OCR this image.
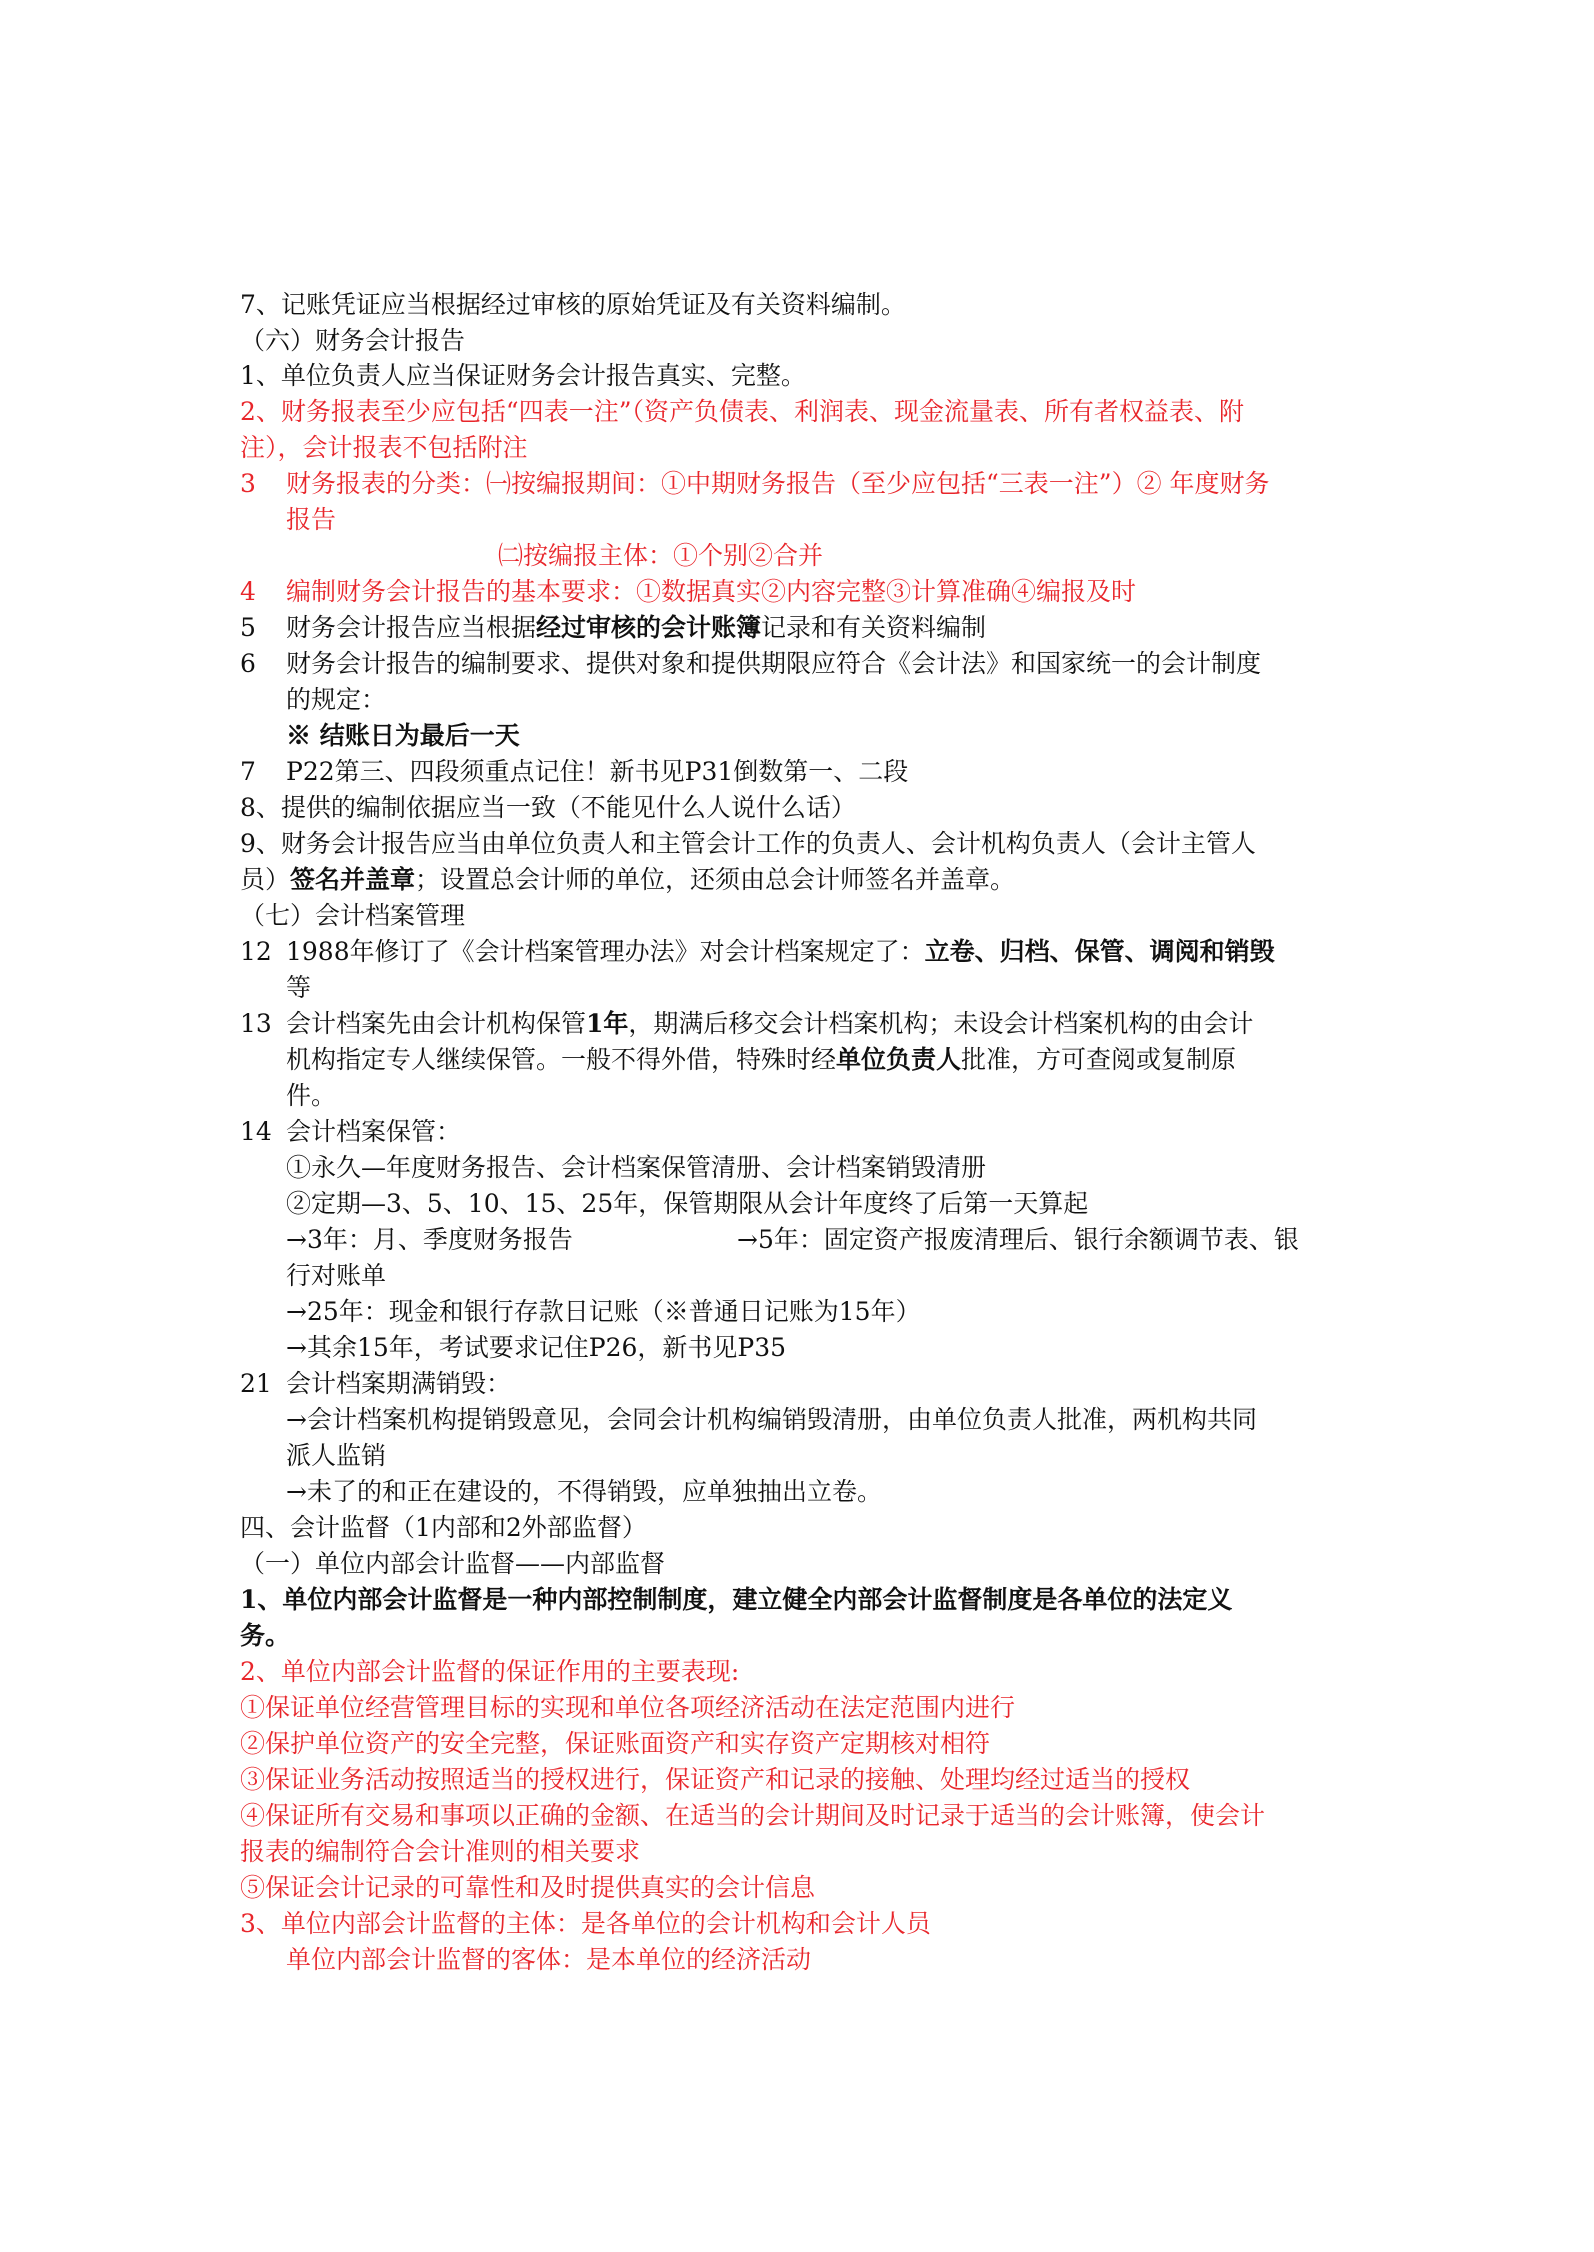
7、记账凭证应当根据经过审核的原始凭证及有关资料编制。
（六）财务会计报告
1、单位负责人应当保证财务会计报告真实、完整。
2、财务报表至少应包括“四表一注”（资产负债表、利润表、现金流量表、所有者权益表、附
注），会计报表不包括附注
3 财务报表的分类：㈠按编报期间：①中期财务报告（至少应包括“三表一注”）② 年度财务
报告
㈡按编报主体：①个别②合并
4 编制财务会计报告的基本要求：①数据真实②内容完整③计算准确④编报及时
5 财务会计报告应当根据经过审核的会计账簿记录和有关资料编制
6 财务会计报告的编制要求、提供对象和提供期限应符合《会计法》和国家统一的会计制度
的规定：
※ 结账日为最后一天
7 P22第三、四段须重点记住！新书见P31倒数第一、二段
8、提供的编制依据应当一致（不能见什么人说什么话）
9、财务会计报告应当由单位负责人和主管会计工作的负责人、会计机构负责人（会计主管人
员）签名并盖章；设置总会计师的单位，还须由总会计师签名并盖章。
（七）会计档案管理
12 1988年修订了《会计档案管理办法》对会计档案规定了：立卷、归档、保管、调阅和销毁
等
13 会计档案先由会计机构保管1年，期满后移交会计档案机构；未设会计档案机构的由会计
机构指定专人继续保管。一般不得外借，特殊时经单位负责人批准，方可查阅或复制原
件。
14 会计档案保管：
①永久—年度财务报告、会计档案保管清册、会计档案销毁清册
②定期—3、5、10、15、25年，保管期限从会计年度终了后第一天算起
→3年：月、季度财务报告	→5年：固定资产报废清理后、银行余额调节表、银
行对账单
→25年：现金和银行存款日记账（※普通日记账为15年）
→其余15年，考试要求记住P26，新书见P35
21 会计档案期满销毁：
→会计档案机构提销毁意见，会同会计机构编销毁清册，由单位负责人批准，两机构共同
派人监销
→未了的和正在建设的，不得销毁，应单独抽出立卷。
四、会计监督（1内部和2外部监督）
（一）单位内部会计监督——内部监督
1、单位内部会计监督是一种内部控制制度，建立健全内部会计监督制度是各单位的法定义
务。
2、单位内部会计监督的保证作用的主要表现:
①保证单位经营管理目标的实现和单位各项经济活动在法定范围内进行
②保护单位资产的安全完整，保证账面资产和实存资产定期核对相符
③保证业务活动按照适当的授权进行，保证资产和记录的接触、处理均经过适当的授权
④保证所有交易和事项以正确的金额、在适当的会计期间及时记录于适当的会计账簿，使会计
报表的编制符合会计准则的相关要求
⑤保证会计记录的可靠性和及时提供真实的会计信息
3、单位内部会计监督的主体：是各单位的会计机构和会计人员
单位内部会计监督的客体：是本单位的经济活动
